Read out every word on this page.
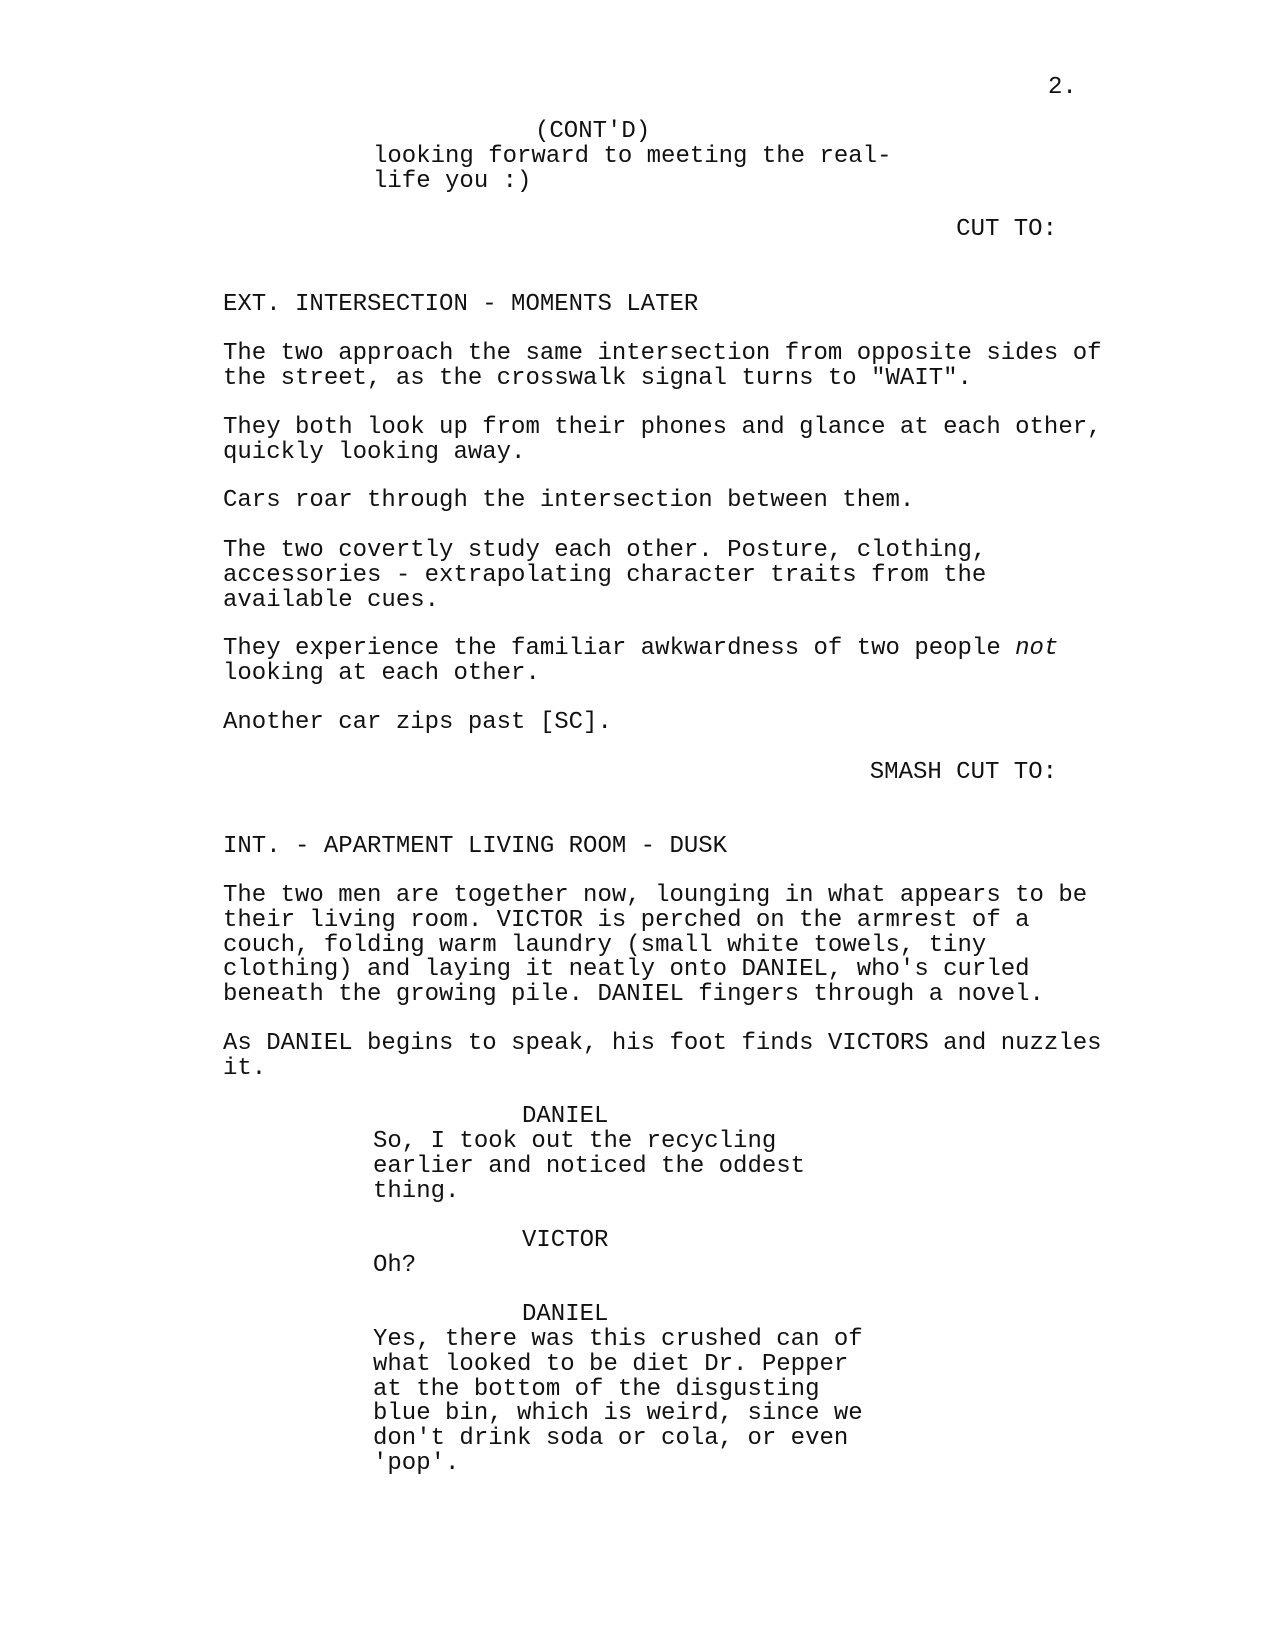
2.
(CONT'D)
looking forward to meeting the real-
life you :)
CUT TO:
EXT. INTERSECTION - MOMENTS LATER
The two approach the same intersection from opposite sides of
the street, as the crosswalk signal turns to "WAIT".
They both look up from their phones and glance at each other,
quickly looking away.
Cars roar through the intersection between them.
The two covertly study each other. Posture, clothing,
accessories - extrapolating character traits from the
available cues.
They experience the familiar awkwardness of two people not
looking at each other.
Another car zips past [SC].
SMASH CUT TO:
INT. - APARTMENT LIVING ROOM - DUSK
The two men are together now, lounging in what appears to be
their living room. VICTOR is perched on the armrest of a
couch, folding warm laundry (small white towels, tiny
clothing) and laying it neatly onto DANIEL, who's curled
beneath the growing pile. DANIEL fingers through a novel.
As DANIEL begins to speak, his foot finds VICTORS and nuzzles
it.
DANIEL
So, I took out the recycling
earlier and noticed the oddest
thing.
VICTOR
Oh?
DANIEL
Yes, there was this crushed can of
what looked to be diet Dr. Pepper
at the bottom of the disgusting
blue bin, which is weird, since we
don't drink soda or cola, or even
'pop'.
